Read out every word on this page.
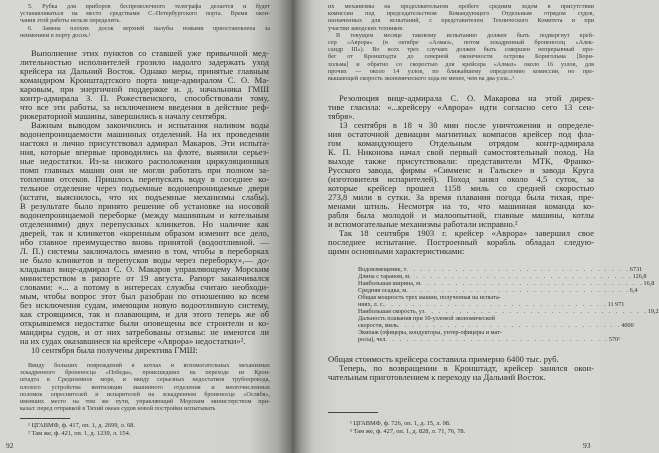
5. Рубка для приборов беспроволочного телеграфа делается и будет
устанавливаться на место средствами С.-Петербургского порта. Время окон-
чания этой работы нельзя определить.
6. Замена плохих досок верхней палубы новыми приостановлена за
неимением в порту досок.¹
Выполнение этих пунктов со ставшей уже привычной мед-
лительностью исполнителей грозило надолго задержать уход
крейсера на Дальний Восток. Однако меры, принятые главным
командиром Кронштадтского порта вице-адмиралом С. О. Ма-
каровым, при энергичной поддержке и. д. начальника ГМШ
контр-адмирала З. П. Рожественского, способствовали тому,
что все эти работы, за исключением введения в действие реф-
рижераторной машины, завершились к началу сентября.
Важным выводом закончились и испытания наливом воды
водонепроницаемости машинных отделений. На их проведении
настоял и лично присутствовал адмирал Макаров. Эти испыта-
ния, которые впервые проводились на флоте, выявили серьез-
ные недостатки. Из-за низкого расположения циркуляционных
помп главных машин они не могли работать при полном за-
топлении отсеков. Пришлось перепускать воду в соседнее ко-
тельное отделение через подъемные водонепроницаемые двери
(кстати, выяснилось, что их подъемные механизмы слабы).
В результате было принято решение об установке на носовой
водонепроницаемой переборке (между машинным и котельным
отделениями) двух перепускных клинкетов. Но наличие как
дверей, так и клинкетов «коренным образом изменит все дело,
ибо главное преимущество вновь принятой (водоотливной. —
Л. П.) системы заключалось именно в том, чтобы в переборках
не было клинкетов и перепусков воды через переборку»,— до-
кладывал вице-адмирал С. О. Макаров управляющему Морским
министерством в рапорте от 19 августа. Рапорт заканчивался
словами: «... а потому в интересах службы считаю необходи-
мым, чтобы вопрос этот был разобран по отношению ко всем
без исключения судам, имеющим новую водоотливную систему,
как строящимся, так и плавающим, и для этого теперь же об
открывшемся недостатке были оповещены все строители и ко-
мандиры судов, и от них затребованы отзывы: не имеются ли
на их судах оказавшиеся на крейсере «Аврора» недостатки»².
10 сентября была получены директива ГМШ:
Ввиду больших повреждений в котлах и вспомогательных механизмах
эскадренного броненосца «Победа», происшедших на переходе из Крон-
штадта в Средиземное море, и ввиду серьезных недостатков трубопровода,
плохого устройства вентиляции машинного отделения и многочисленных
поломок опреснителей и испарителей на эскадренном броненосце «Ослябя»,
имевших место на том же пути, управляющий Морским министерством при-
казал: перед отправкой в Тихий океан судов новой постройки испытывать
¹ ЦГАВМФ, ф. 417, оп. 1, д. 2699, л. 68.
² Там же, ф. 421, оп. 1, д. 1239, л. 154.
92
их механизмы на продолжительном пробеге средним ходом в присутствии
комиссии под председательством Командующего Отдельным отрядом судов,
назначенных для испытаний, с представителем Технического Комитета и при
участии заводских техников.
В текущем месяце таковому испытанию должен быть подвергнут крей-
сер «Аврора» (в октябре «Алмаз», потом эскадренный броненосец «Алек-
сандр III»). Во всех трех случаях должен быть совершен непрерывный про-
бег от Кронштадта до северной оконечности острова Борнгольма [Борн-
хольма] и обратно со скоростью для крейсера «Алмаз» около 16 узлов, для
прочих — около 14 узлов, по ближайшему определению комиссии, но пре-
вышающей скорость экономического хода не менее, чем на два узла...¹
Резолюция вице-адмирала С. О. Макарова на этой дирек-
тиве гласила: «...крейсеру «Аврора» идти согласно сего 13 сен-
тября».
13 сентября в 18 ч 30 мин после уничтожения и определе-
ния остаточной девиации магнитных компасов крейсер под фла-
гом командующего Отдельным отрядом контр-адмирала
К. П. Никонова начал свой первый самостоятельный поход. На
выходе также присутствовали: представители МТК, Франко-
Русского завода, фирмы «Симменс и Гальске» и завода Круга
(изготовителя испарителей). Поход занял около 4,5 суток, за
которые крейсер прошел 1158 миль со средней скоростью
273,8 мили в сутки. За время плавания погода была тихая, пре-
менами штиль. Несмотря на то, что машинная команда ко-
рабля была молодой и малоопытной, главные машины, котлы
и вспомогательные механизмы работали исправно.²
Так 18 сентября 1903 г. крейсер «Аврора» завершил свое
последнее испытание. Построенный корабль обладал следую-
щими основными характеристиками:
Водоизмещение, т . . . . . . . . . . . . . . . . . . . . . . . . . . . . . . . . 6731
Длина с тараном, м . . . . . . . . . . . . . . . . . . . . . . . . . . . . . . . . 126,8
Наибольшая ширина, м . . . . . . . . . . . . . . . . . . . . . . . . . . . . . . . . 16,8
Средняя осадка, м . . . . . . . . . . . . . . . . . . . . . . . . . . . . . . . . 6,4
Общая мощность трех машин, полученная на испыта-
ниях, л. с. . . . . . . . . . . . . . . . . . . . . . . . . . . . . . . . . 11 971
Наибольшая скорость, уз . . . . . . . . . . . . . . . . . . . . . . . . . . . . . . . . 19,2
Дальность плавания при 10-узловой экономической
скорости, миль . . . . . . . . . . . . . . . . . . . . . . . . . . . . . . . . 4000
Экипаж (офицеры, кондукторы, унтер-офицеры и мат-
росы), чел . . . . . . . . . . . . . . . . . . . . . . . . . . . . . . . . 570¹
Общая стоимость крейсера составила примерно 6400 тыс. руб.
Теперь, по возвращении в Кронштадт, крейсер занялся окон-
чательным приготовлением к переходу на Дальний Восток.
¹ ЦГАВМФ, ф. 726, оп. 1, д. 15, л. 98.
² Там же, ф. 427, оп. 1, д. 828, л. 71, 76, 78.
93
